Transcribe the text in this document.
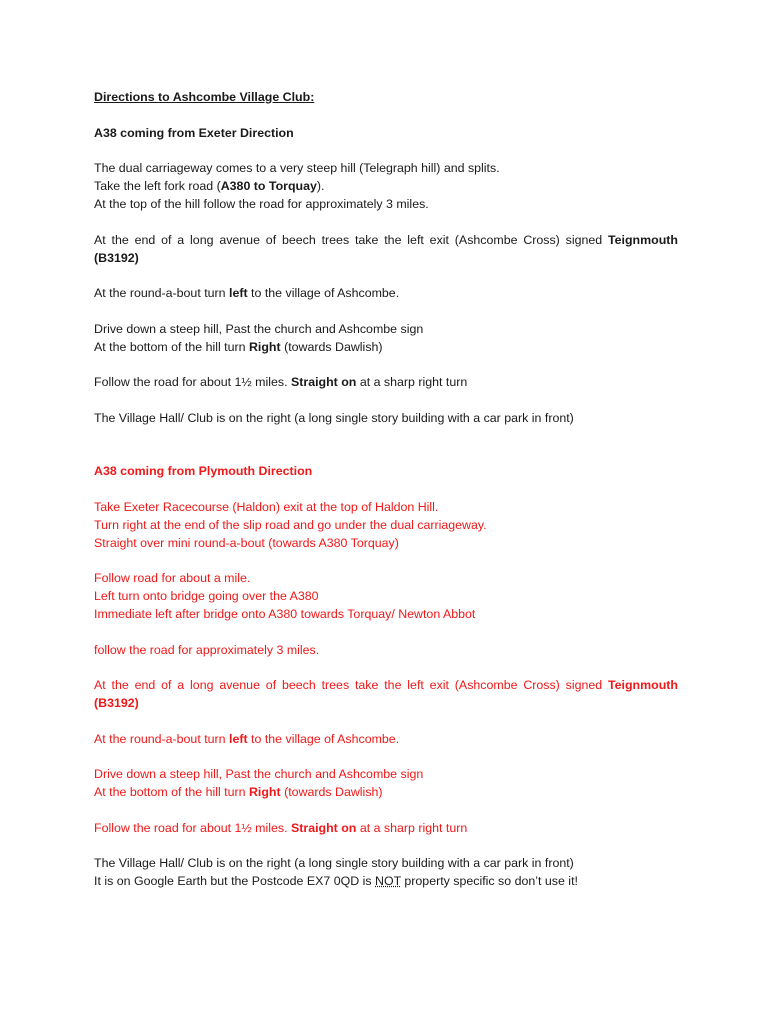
Directions to Ashcombe Village Club:

A38 coming from Exeter Direction

The dual carriageway comes to a very steep hill (Telegraph hill) and splits.

Take the left fork road (A380 to Torquay).

At the top of the hill follow the road for approximately 3 miles.

At the end of a long avenue of beech trees take the left exit (Ashcombe Cross) signed Teignmouth (B3192)

At the round-a-bout turn left to the village of Ashcombe.

Drive down a steep hill, Past the church and Ashcombe sign

At the bottom of the hill turn Right (towards Dawlish)

Follow the road for about 1½ miles. Straight on at a sharp right turn

The Village Hall/ Club is on the right (a long single story building with a car park in front)

A38 coming from Plymouth Direction

Take Exeter Racecourse (Haldon) exit at the top of Haldon Hill.

Turn right at the end of the slip road and go under the dual carriageway.

Straight over mini round-a-bout (towards A380 Torquay)

Follow road for about a mile.

Left turn onto bridge going over the A380

Immediate left after bridge onto A380 towards Torquay/ Newton Abbot

follow the road for approximately 3 miles.

At the end of a long avenue of beech trees take the left exit (Ashcombe Cross) signed Teignmouth (B3192)

At the round-a-bout turn left to the village of Ashcombe.

Drive down a steep hill, Past the church and Ashcombe sign

At the bottom of the hill turn Right (towards Dawlish)

Follow the road for about 1½ miles. Straight on at a sharp right turn

The Village Hall/ Club is on the right (a long single story building with a car park in front)

It is on Google Earth but the Postcode EX7 0QD is NOT property specific so don’t use it!
